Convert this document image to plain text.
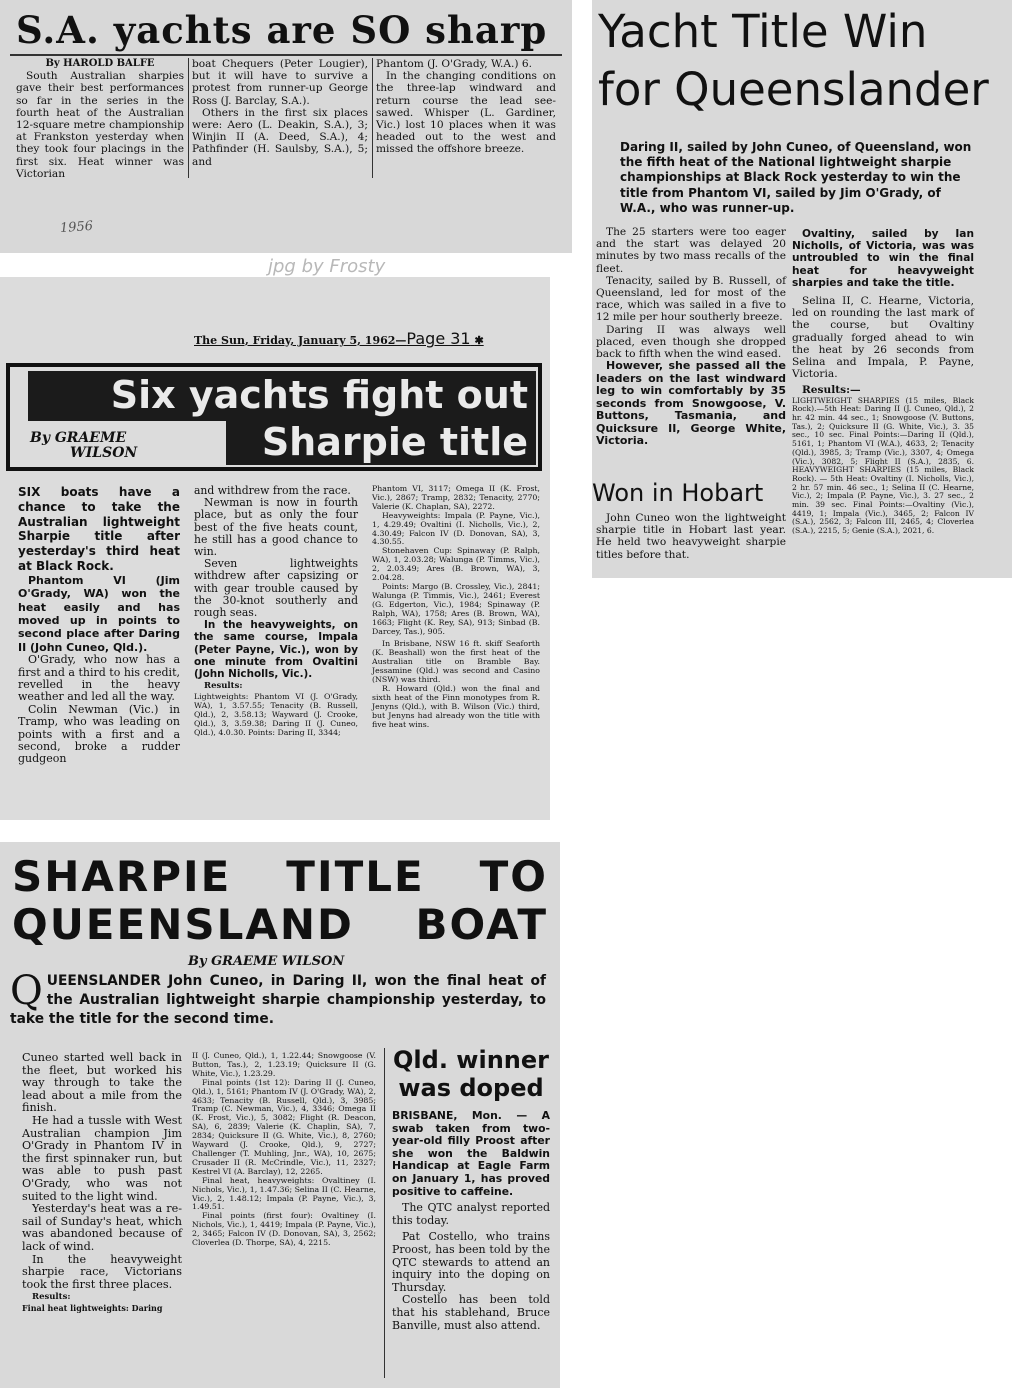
S.A. yachts are SO sharp

By HAROLD BALFE

South Australian sharpies gave their best performances so far in the series in the fourth heat of the Australian 12-square metre championship at Frankston yesterday when they took four placings in the first six. Heat winner was Victorian

boat Chequers (Peter Lougier), but it will have to survive a protest from runner-up George Ross (J. Barclay, S.A.).

Others in the first six places were: Aero (L. Deakin, S.A.), 3; Winjin II (A. Deed, S.A.), 4; Pathfinder (H. Saulsby, S.A.), 5; and

Phantom (J. O'Grady, W.A.) 6.

In the changing conditions on the three-lap windward and return course the lead see-sawed. Whisper (L. Gardiner, Vic.) lost 10 places when it was headed out to the west and missed the offshore breeze.

1956
jpg by Frosty
Yacht Title Win
for Queenslander
Daring II, sailed by John Cuneo, of Queensland, won the fifth heat of the National lightweight sharpie championships at Black Rock yesterday to win the title from Phantom VI, sailed by Jim O'Grady, of W.A., who was runner-up.

The 25 starters were too eager and the start was delayed 20 minutes by two mass recalls of the fleet.

Tenacity, sailed by B. Russell, of Queensland, led for most of the race, which was sailed in a five to 12 mile per hour southerly breeze.

Daring II was always well placed, even though she dropped back to fifth when the wind eased.

However, she passed all the leaders on the last windward leg to win comfortably by 35 seconds from Snowgoose, V. Buttons, Tasmania, and Quicksure II, George White, Victoria.

Won in Hobart

John Cuneo won the lightweight sharpie title in Hobart last year. He held two heavyweight sharpie titles before that.

Ovaltiny, sailed by Ian Nicholls, of Victoria, was was untroubled to win the final heat for heavyweight sharpies and take the title.

Selina II, C. Hearne, Victoria, led on rounding the last mark of the course, but Ovaltiny gradually forged ahead to win the heat by 26 seconds from Selina and Impala, P. Payne, Victoria.

Results:—

LIGHTWEIGHT SHARPIES (15 miles, Black Rock).—5th Heat: Daring II (J. Cuneo, Qld.), 2 hr. 42 min. 44 sec., 1; Snowgoose (V. Buttons, Tas.), 2; Quicksure II (G. White, Vic.), 3. 35 sec., 10 sec. Final Points:—Daring II (Qld.), 5161, 1; Phantom VI (W.A.), 4633, 2; Tenacity (Qld.), 3985, 3; Tramp (Vic.), 3307, 4; Omega (Vic.), 3082, 5; Flight II (S.A.), 2835, 6. HEAVYWEIGHT SHARPIES (15 miles, Black Rock). — 5th Heat: Ovaltiny (I. Nicholls, Vic.), 2 hr. 57 min. 46 sec., 1; Selina II (C. Hearne, Vic.), 2; Impala (P. Payne, Vic.), 3. 27 sec., 2 min. 39 sec. Final Points:—Ovaltiny (Vic.), 4419, 1; Impala (Vic.), 3465, 2; Falcon IV (S.A.), 2562, 3; Falcon III, 2465, 4; Cloverlea (S.A.), 2215, 5; Genie (S.A.), 2021, 6.

The Sun, Friday, January 5, 1962—Page 31 ✱
Six yachts fight out
Sharpie title
By GRAEME
WILSON

SIX boats have a chance to take the Australian lightweight Sharpie title after yesterday's third heat at Black Rock.

Phantom VI (Jim O'Grady, WA) won the heat easily and has moved up in points to second place after Daring II (John Cuneo, Qld.).

O'Grady, who now has a first and a third to his credit, revelled in the heavy weather and led all the way.

Colin Newman (Vic.) in Tramp, who was leading on points with a first and a second, broke a rudder gudgeon

and withdrew from the race.

Newman is now in fourth place, but as only the four best of the five heats count, he still has a good chance to win.

Seven lightweights withdrew after capsizing or with gear trouble caused by the 30-knot southerly and rough seas.

In the heavyweights, on the same course, Impala (Peter Payne, Vic.), won by one minute from Ovaltini (John Nicholls, Vic.).

Results:

Lightweights: Phantom VI (J. O'Grady, WA), 1, 3.57.55; Tenacity (B. Russell, Qld.), 2, 3.58.13; Wayward (J. Crooke, Qld.), 3, 3.59.38; Daring II (J. Cuneo, Qld.), 4.0.30. Points: Daring II, 3344;

Phantom VI, 3117; Omega II (K. Frost, Vic.), 2867; Tramp, 2832; Tenacity, 2770; Valerie (K. Chaplan, SA), 2272.

Heavyweights: Impala (P. Payne, Vic.), 1, 4.29.49; Ovaltini (I. Nicholls, Vic.), 2, 4.30.49; Falcon IV (D. Donovan, SA), 3, 4.30.55.

Stonehaven Cup: Spinaway (P. Ralph, WA), 1, 2.03.28; Walunga (P. Timms, Vic.), 2, 2.03.49; Ares (B. Brown, WA), 3, 2.04.28.

Points: Margo (B. Crossley, Vic.), 2841; Walunga (P. Timmis, Vic.), 2461; Everest (G. Edgerton, Vic.), 1984; Spinaway (P. Ralph, WA), 1758; Ares (B. Brown, WA), 1663; Flight (K. Rey, SA), 913; Sinbad (B. Darcey, Tas.), 905.

In Brisbane, NSW 16 ft. skiff Seaforth (K. Beashall) won the first heat of the Australian title on Bramble Bay. Jessamine (Qld.) was second and Casino (NSW) was third.

R. Howard (Qld.) won the final and sixth heat of the Finn monotypes from R. Jenyns (Qld.), with B. Wilson (Vic.) third, but Jenyns had already won the title with five heat wins.

SHARPIE TITLE TO
QUEENSLAND BOAT
By GRAEME WILSON
Q UEENSLANDER John Cuneo, in Daring II, won the final heat of the Australian lightweight sharpie championship yesterday, to take the title for the second time.

Cuneo started well back in the fleet, but worked his way through to take the lead about a mile from the finish.

He had a tussle with West Australian champion Jim O'Grady in Phantom IV in the first spinnaker run, but was able to push past O'Grady, who was not suited to the light wind.

Yesterday's heat was a re-sail of Sunday's heat, which was abandoned because of lack of wind.

In the heavyweight sharpie race, Victorians took the first three places.

Results:

Final heat lightweights: Daring

II (J. Cuneo, Qld.), 1, 1.22.44; Snowgoose (V. Button, Tas.), 2, 1.23.19; Quicksure II (G. White, Vic.), 1.23.29.

Final points (1st 12): Daring II (J. Cuneo, Qld.), 1, 5161; Phantom IV (J. O'Grady, WA), 2, 4633; Tenacity (B. Russell, Qld.), 3, 3985; Tramp (C. Newman, Vic.), 4, 3346; Omega II (K. Frost, Vic.), 5, 3082; Flight (R. Deacon, SA), 6, 2839; Valerie (K. Chaplin, SA), 7, 2834; Quicksure II (G. White, Vic.), 8, 2760; Wayward (J. Crooke, Qld.), 9, 2727; Challenger (T. Muhling, Jnr., WA), 10, 2675; Crusader II (R. McCrindle, Vic.), 11, 2327; Kestrel VI (A. Barclay), 12, 2265.

Final heat, heavyweights: Ovaltiney (I. Nichols, Vic.), 1, 1.47.36; Selina II (C. Hearne, Vic.), 2, 1.48.12; Impala (P. Payne, Vic.), 3, 1.49.51.

Final points (first four): Ovaltiney (I. Nichols, Vic.), 1, 4419; Impala (P. Payne, Vic.), 2, 3465; Falcon IV (D. Donovan, SA), 3, 2562; Cloverlea (D. Thorpe, SA), 4, 2215.

Qld. winner
was doped

BRISBANE, Mon. — A swab taken from two-year-old filly Proost after she won the Baldwin Handicap at Eagle Farm on January 1, has proved positive to caffeine.

The QTC analyst reported this today.

Pat Costello, who trains Proost, has been told by the QTC stewards to attend an inquiry into the doping on Thursday.

Costello has been told that his stablehand, Bruce Banville, must also attend.
